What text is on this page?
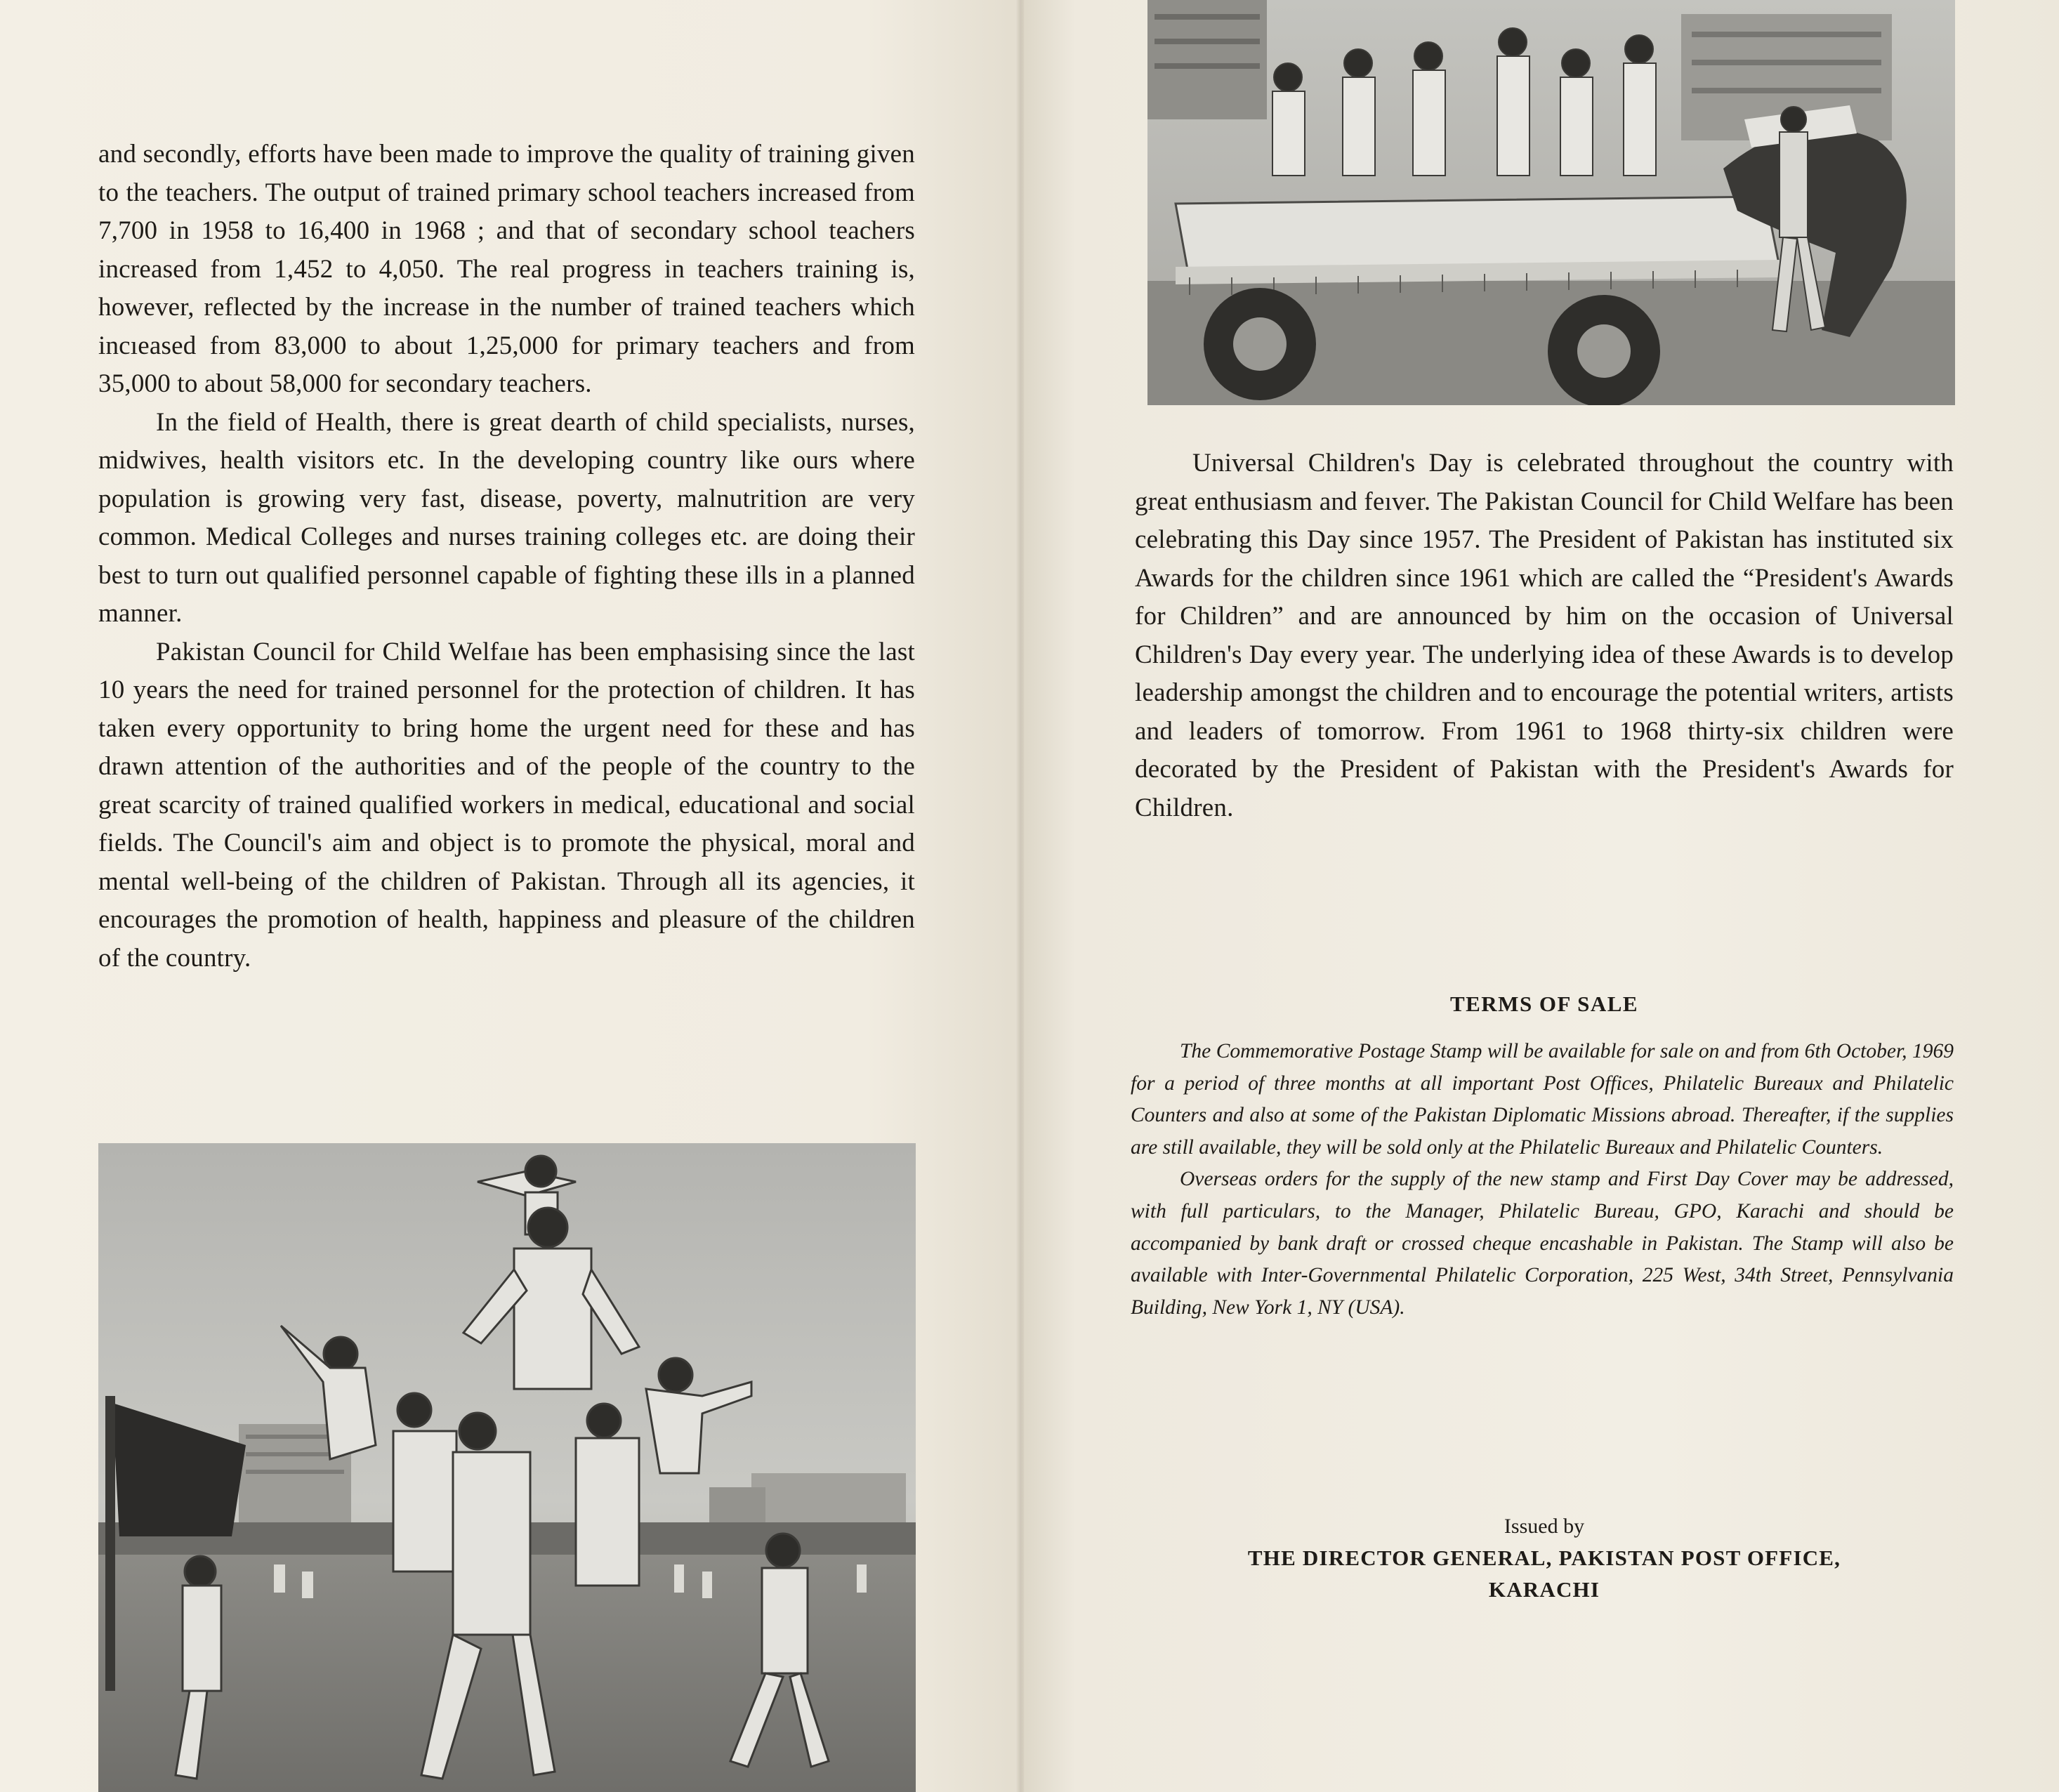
and secondly, efforts have been made to improve the quality of training given to the teachers. The output of trained primary school teachers increased from 7,700 in 1958 to 16,400 in 1968 ; and that of secondary school teachers increased from 1,452 to 4,050. The real progress in teachers training is, however, reflected by the increase in the number of trained teachers which incıeased from 83,000 to about 1,25,000 for primary teachers and from 35,000 to about 58,000 for secondary teachers.

In the field of Health, there is great dearth of child specialists, nurses, midwives, health visitors etc. In the developing country like ours where population is growing very fast, disease, poverty, malnutrition are very common. Medical Colleges and nurses training colleges etc. are doing their best to turn out qualified personnel capable of fighting these ills in a planned manner.

Pakistan Council for Child Welfaıe has been emphasising since the last 10 years the need for trained personnel for the protection of children. It has taken every opportunity to bring home the urgent need for these and has drawn attention of the authorities and of the people of the country to the great scarcity of trained qualified workers in medical, educational and social fields. The Council's aim and object is to promote the physical, moral and mental well-being of the children of Pakistan. Through all its agencies, it encourages the promotion of health, happiness and pleasure of the children of the country.

Universal Children's Day is celebrated throughout the country with great enthusiasm and feıver. The Pakistan Council for Child Welfare has been celebrating this Day since 1957. The President of Pakistan has instituted six Awards for the children since 1961 which are called the “President's Awards for Children” and are announced by him on the occasion of Universal Children's Day every year. The underlying idea of these Awards is to develop leadership amongst the children and to encourage the potential writers, artists and leaders of tomorrow. From 1961 to 1968 thirty-six children were decorated by the President of Pakistan with the President's Awards for Children.

TERMS OF SALE

The Commemorative Postage Stamp will be available for sale on and from 6th October, 1969 for a period of three months at all important Post Offices, Philatelic Bureaux and Philatelic Counters and also at some of the Pakistan Diplomatic Missions abroad. Thereafter, if the supplies are still available, they will be sold only at the Philatelic Bureaux and Philatelic Counters.

Overseas orders for the supply of the new stamp and First Day Cover may be addressed, with full particulars, to the Manager, Philatelic Bureau, GPO, Karachi and should be accompanied by bank draft or crossed cheque encashable in Pakistan. The Stamp will also be available with Inter-Governmental Philatelic Corporation, 225 West, 34th Street, Pennsylvania Building, New York 1, NY (USA).

Issued by
THE DIRECTOR GENERAL, PAKISTAN POST OFFICE,
KARACHI
